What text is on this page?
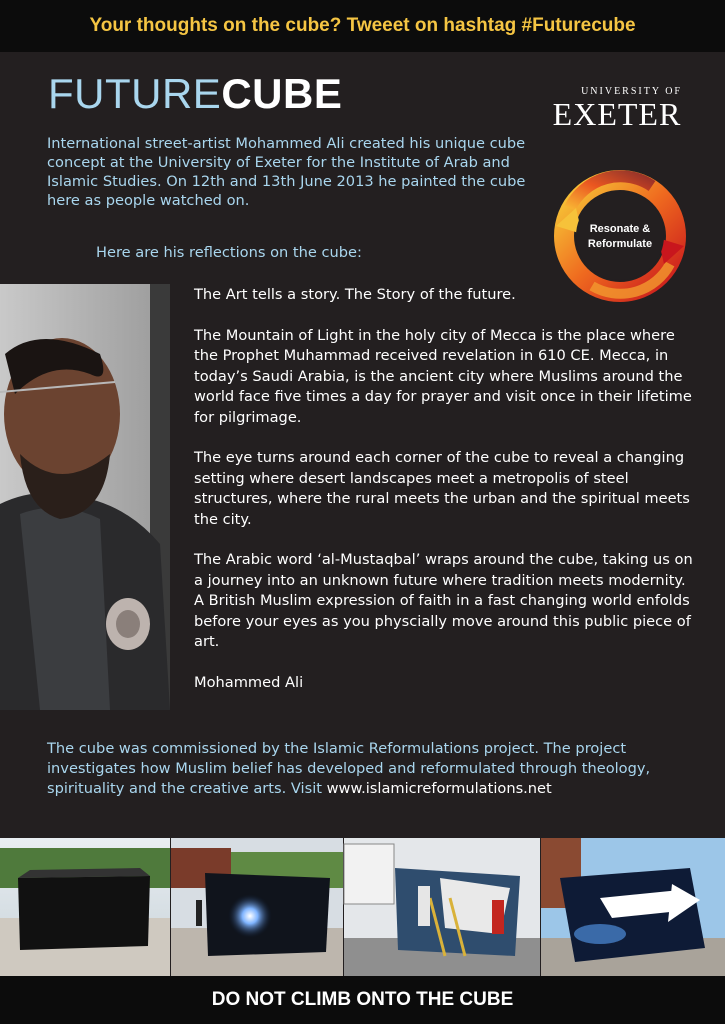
Your thoughts on the cube? Tweeet on hashtag #Futurecube
FUTURECUBE	UNIVERSITY OF
EXETER
Resonate &
Reformulate
International street-artist Mohammed Ali created his unique cube concept at the University of Exeter for the Institute of Arab and Islamic Studies. On 12th and 13th June 2013 he painted the cube here as people watched on.
Here are his reflections on the cube:

The Art tells a story. The Story of the future.

The Mountain of Light in the holy city of Mecca is the place where the Prophet Muhammad received revelation in 610 CE. Mecca, in today’s Saudi Arabia, is the ancient city where Muslims around the world face five times a day for prayer and visit once in their lifetime for pilgrimage.

The eye turns around each corner of the cube to reveal a changing setting where desert landscapes meet a metropolis of steel structures, where the rural meets the urban and the spiritual meets the city.

The Arabic word ‘al-Mustaqbal’ wraps around the cube, taking us on a journey into an unknown future where tradition meets modernity. A British Muslim expression of faith in a fast changing world enfolds before your eyes as you physcially move around this public piece of art.

Mohammed Ali

The cube was commissioned by the Islamic Reformulations project. The project investigates how Muslim belief has developed and reformulated through theology, spirituality and the creative arts. Visit www.islamicreformulations.net
DO NOT CLIMB ONTO THE CUBE
